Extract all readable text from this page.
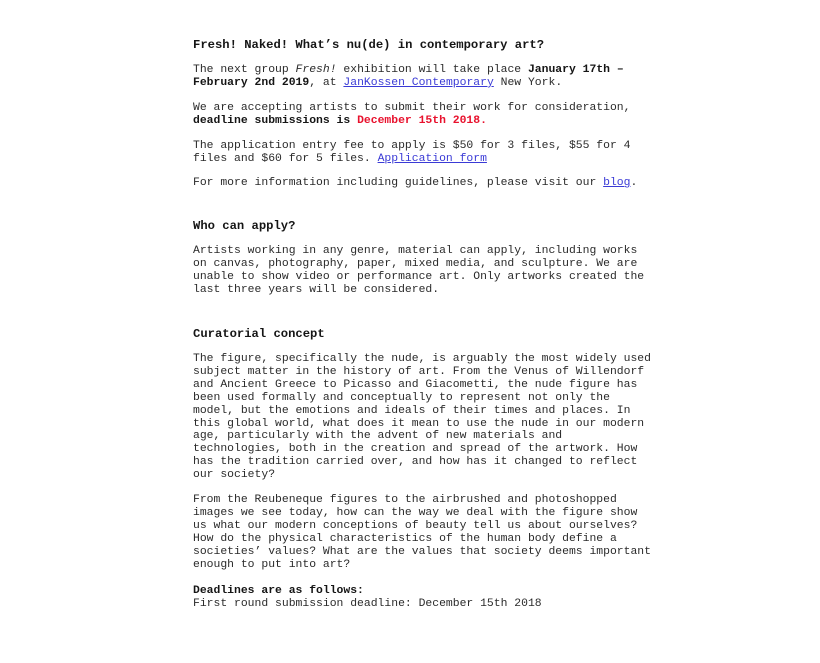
Fresh! Naked! What’s nu(de) in contemporary art?

The next group Fresh! exhibition will take place January 17th – February 2nd 2019, at JanKossen Contemporary New York.

We are accepting artists to submit their work for consideration, deadline submissions is December 15th 2018.

The application entry fee to apply is $50 for 3 files, $55 for 4 files and $60 for 5 files. Application form

For more information including guidelines, please visit our blog.

Who can apply?

Artists working in any genre, material can apply, including works on canvas, photography, paper, mixed media, and sculpture. We are unable to show video or performance art. Only artworks created the last three years will be considered.

Curatorial concept

The figure, specifically the nude, is arguably the most widely used subject matter in the history of art. From the Venus of Willendorf and Ancient Greece to Picasso and Giacometti, the nude figure has been used formally and conceptually to represent not only the model, but the emotions and ideals of their times and places. In this global world, what does it mean to use the nude in our modern age, particularly with the advent of new materials and technologies, both in the creation and spread of the artwork. How has the tradition carried over, and how has it changed to reflect our society?

From the Reubeneque figures to the airbrushed and photoshopped images we see today, how can the way we deal with the figure show us what our modern conceptions of beauty tell us about ourselves? How do the physical characteristics of the human body define a societies’ values? What are the values that society deems important enough to put into art?

Deadlines are as follows:

First round submission deadline: December 15th 2018
